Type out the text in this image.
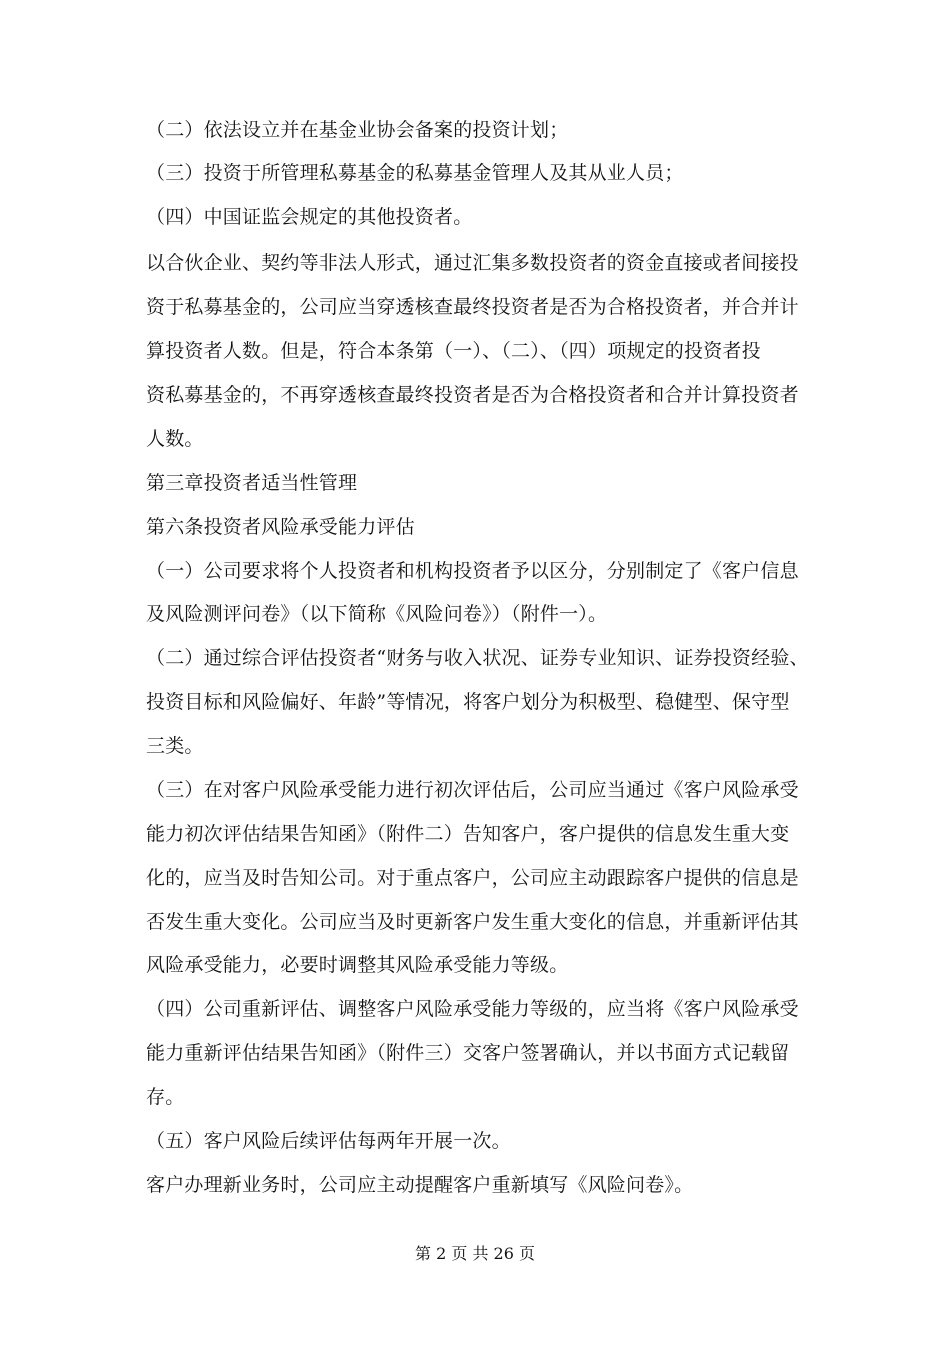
（二）依法设立并在基金业协会备案的投资计划；
（三）投资于所管理私募基金的私募基金管理人及其从业人员；
（四）中国证监会规定的其他投资者。
以合伙企业、契约等非法人形式，通过汇集多数投资者的资金直接或者间接投
资于私募基金的，公司应当穿透核查最终投资者是否为合格投资者，并合并计
算投资者人数。但是，符合本条第（一）、（二）、（四）项规定的投资者投
资私募基金的，不再穿透核查最终投资者是否为合格投资者和合并计算投资者
人数。
第三章投资者适当性管理
第六条投资者风险承受能力评估
（一）公司要求将个人投资者和机构投资者予以区分，分别制定了《客户信息
及风险测评问卷》（以下简称《风险问卷》）（附件一）。
（二）通过综合评估投资者“财务与收入状况、证券专业知识、证券投资经验、
投资目标和风险偏好、年龄”等情况，将客户划分为积极型、稳健型、保守型
三类。
（三）在对客户风险承受能力进行初次评估后，公司应当通过《客户风险承受
能力初次评估结果告知函》（附件二）告知客户，客户提供的信息发生重大变
化的，应当及时告知公司。对于重点客户，公司应主动跟踪客户提供的信息是
否发生重大变化。公司应当及时更新客户发生重大变化的信息，并重新评估其
风险承受能力，必要时调整其风险承受能力等级。
（四）公司重新评估、调整客户风险承受能力等级的，应当将《客户风险承受
能力重新评估结果告知函》（附件三）交客户签署确认，并以书面方式记载留
存。
（五）客户风险后续评估每两年开展一次。
客户办理新业务时，公司应主动提醒客户重新填写《风险问卷》。
第 2 页 共 26 页
